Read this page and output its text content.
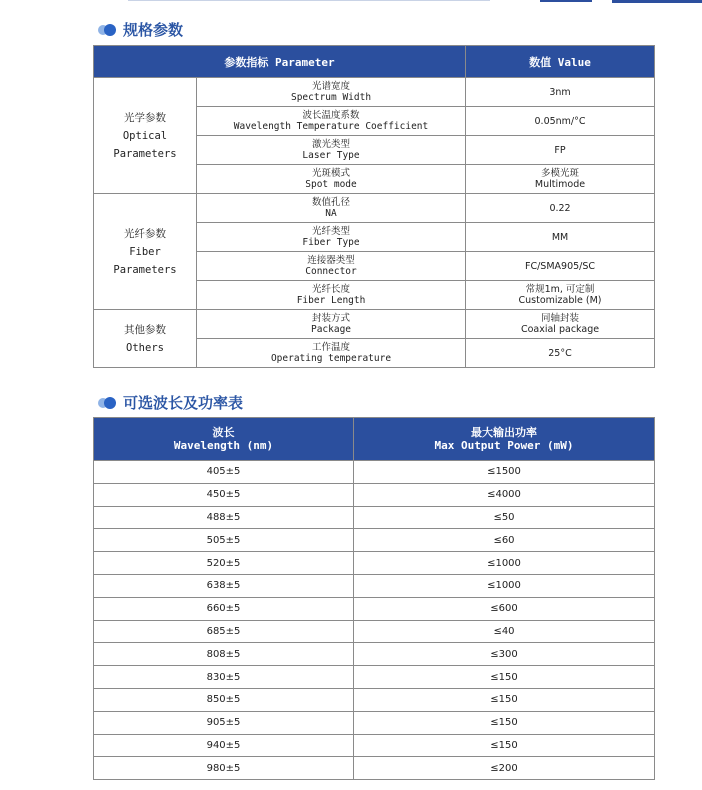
规格参数
参数指标 Parameter		数值 Value

光学参数
Optical
Parameters	光谱宽度
Spectrum Width	3nm

	波长温度系数
Wavelength Temperature Coefficient	0.05nm/°C

	激光类型
Laser Type	FP

	光斑模式
Spot mode	多模光斑
Multimode

光纤参数
Fiber
Parameters	数值孔径
NA	0.22

	光纤类型
Fiber Type	MM

	连接器类型
Connector	FC/SMA905/SC

	光纤长度
Fiber Length	常规1m, 可定制
Customizable (M)

其他参数
Others	封装方式
Package	同轴封装
Coaxial package

	工作温度
Operating temperature	25°C
可选波长及功率表
波长
Wavelength (nm)	最大输出功率
Max Output Power (mW)

405±5	≤1500
450±5	≤4000
488±5	≤50
505±5	≤60
520±5	≤1000
638±5	≤1000
660±5	≤600
685±5	≤40
808±5	≤300
830±5	≤150
850±5	≤150
905±5	≤150
940±5	≤150
980±5	≤200
